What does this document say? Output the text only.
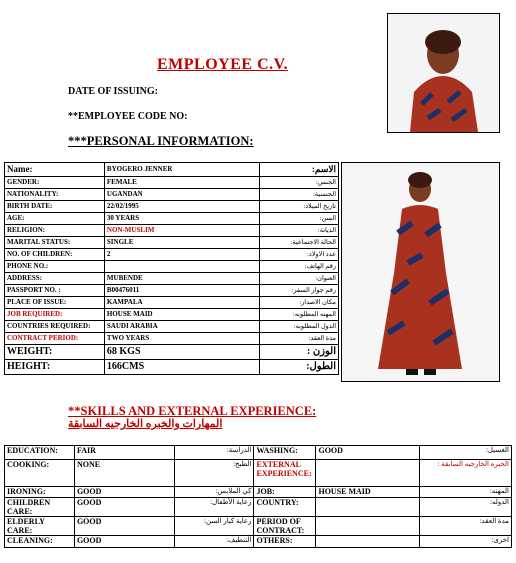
EMPLOYEE C.V.
DATE OF ISSUING:
**EMPLOYEE CODE NO:
***PERSONAL INFORMATION:
Name:	BYOGERO JENNER	الاسم:
GENDER:	FEMALE	الجنس:
NATIONALITY:	UGANDAN	الجنسية:
BIRTH DATE:	22/02/1995	تاريخ الميلاد:
AGE:	30 YEARS	السن:
RELIGION:	NON-MUSLIM	الديانة:
MARITAL STATUS:	SINGLE	الحالة الاجتماعية:
NO. OF CHILDREN:	2	عدد الاولاد:
PHONE NO.:		رقم الهاتف:
ADDRESS:	MUBENDE	العنوان:
PASSPORT NO. :	B00476011	رقم جواز السفر:
PLACE OF ISSUE:	KAMPALA	مكان الاصدار:
JOB REQUIRED:	HOUSE MAID	المهنه المطلوبه:
COUNTRIES REQUIRED:	SAUDI ARABIA	الدول المطلوبه:
CONTRACT PERIOD:	TWO YEARS	مدة العقد:
WEIGHT:	68 KGS	الوزن :
HEIGHT:	166CMS	الطول:
**SKILLS AND EXTERNAL EXPERIENCE:
المهارات والخبره الخارجيه السابقة
EDUCATION:	FAIR	الدراسة:	WASHING:	GOOD	الغسيل:
COOKING:	NONE	الطبخ:	EXTERNAL EXPERIENCE:		الخبره الخارجيه السابقة :
IRONING:	GOOD	كي الملابس:	JOB:	HOUSE MAID	المهنه:
CHILDREN CARE:	GOOD	رعاية الأطفال:	COUNTRY:		الدوله:
ELDERLY CARE:	GOOD	رعاية كبار السن:	PERIOD OF CONTRACT:		مدة العقد:
CLEANING:	GOOD	التنظيف:	OTHERS:		اخرى:
